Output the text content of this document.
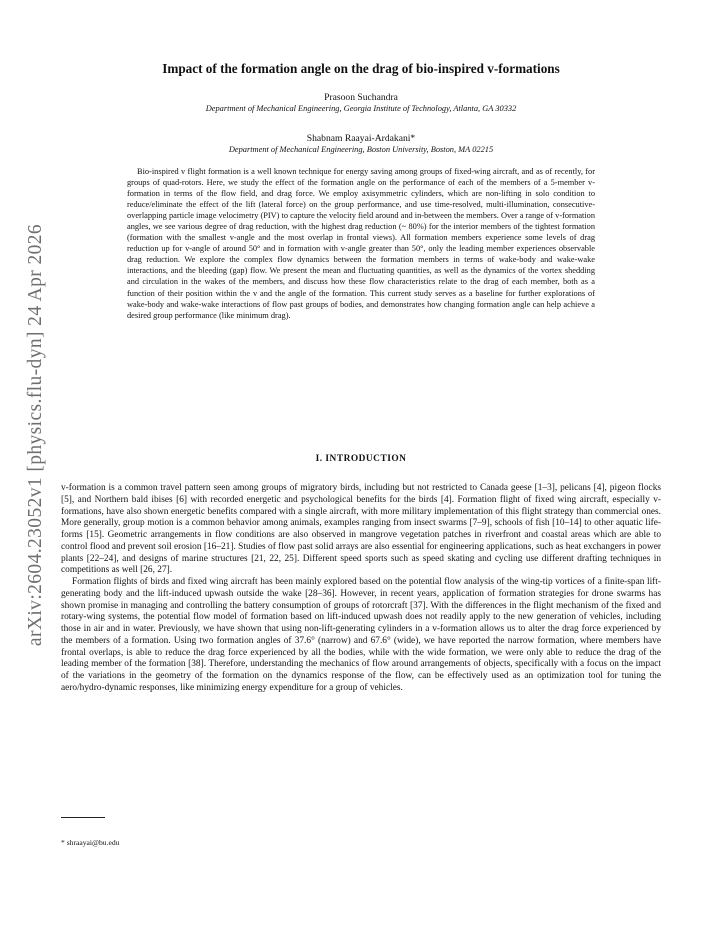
arXiv:2604.23052v1 [physics.flu-dyn] 24 Apr 2026
Impact of the formation angle on the drag of bio-inspired v-formations
Prasoon Suchandra
Department of Mechanical Engineering, Georgia Institute of Technology, Atlanta, GA 30332
Shabnam Raayai-Ardakani*
Department of Mechanical Engineering, Boston University, Boston, MA 02215
Bio-inspired v flight formation is a well known technique for energy saving among groups of fixed-wing aircraft, and as of recently, for groups of quad-rotors. Here, we study the effect of the formation angle on the performance of each of the members of a 5-member v-formation in terms of the flow field, and drag force. We employ axisymmetric cylinders, which are non-lifting in solo condition to reduce/eliminate the effect of the lift (lateral force) on the group performance, and use time-resolved, multi-illumination, consecutive-overlapping particle image velocimetry (PIV) to capture the velocity field around and in-between the members. Over a range of v-formation angles, we see various degree of drag reduction, with the highest drag reduction (~ 80%) for the interior members of the tightest formation (formation with the smallest v-angle and the most overlap in frontal views). All formation members experience some levels of drag reduction up for v-angle of around 50° and in formation with v-angle greater than 50°, only the leading member experiences observable drag reduction. We explore the complex flow dynamics between the formation members in terms of wake-body and wake-wake interactions, and the bleeding (gap) flow. We present the mean and fluctuating quantities, as well as the dynamics of the vortex shedding and circulation in the wakes of the members, and discuss how these flow characteristics relate to the drag of each member, both as a function of their position within the v and the angle of the formation. This current study serves as a baseline for further explorations of wake-body and wake-wake interactions of flow past groups of bodies, and demonstrates how changing formation angle can help achieve a desired group performance (like minimum drag).
I. INTRODUCTION

v-formation is a common travel pattern seen among groups of migratory birds, including but not restricted to Canada geese [1–3], pelicans [4], pigeon flocks [5], and Northern bald ibises [6] with recorded energetic and psychological benefits for the birds [4]. Formation flight of fixed wing aircraft, especially v-formations, have also shown energetic benefits compared with a single aircraft, with more military implementation of this flight strategy than commercial ones. More generally, group motion is a common behavior among animals, examples ranging from insect swarms [7–9], schools of fish [10–14] to other aquatic life-forms [15]. Geometric arrangements in flow conditions are also observed in mangrove vegetation patches in riverfront and coastal areas which are able to control flood and prevent soil erosion [16–21]. Studies of flow past solid arrays are also essential for engineering applications, such as heat exchangers in power plants [22–24], and designs of marine structures [21, 22, 25]. Different speed sports such as speed skating and cycling use different drafting techniques in competitions as well [26, 27].

Formation flights of birds and fixed wing aircraft has been mainly explored based on the potential flow analysis of the wing-tip vortices of a finite-span lift-generating body and the lift-induced upwash outside the wake [28–36]. However, in recent years, application of formation strategies for drone swarms has shown promise in managing and controlling the battery consumption of groups of rotorcraft [37]. With the differences in the flight mechanism of the fixed and rotary-wing systems, the potential flow model of formation based on lift-induced upwash does not readily apply to the new generation of vehicles, including those in air and in water. Previously, we have shown that using non-lift-generating cylinders in a v-formation allows us to alter the drag force experienced by the members of a formation. Using two formation angles of 37.6° (narrow) and 67.6° (wide), we have reported the narrow formation, where members have frontal overlaps, is able to reduce the drag force experienced by all the bodies, while with the wide formation, we were only able to reduce the drag of the leading member of the formation [38]. Therefore, understanding the mechanics of flow around arrangements of objects, specifically with a focus on the impact of the variations in the geometry of the formation on the dynamics response of the flow, can be effectively used as an optimization tool for tuning the aero/hydro-dynamic responses, like minimizing energy expenditure for a group of vehicles.

* shraayai@bu.edu
